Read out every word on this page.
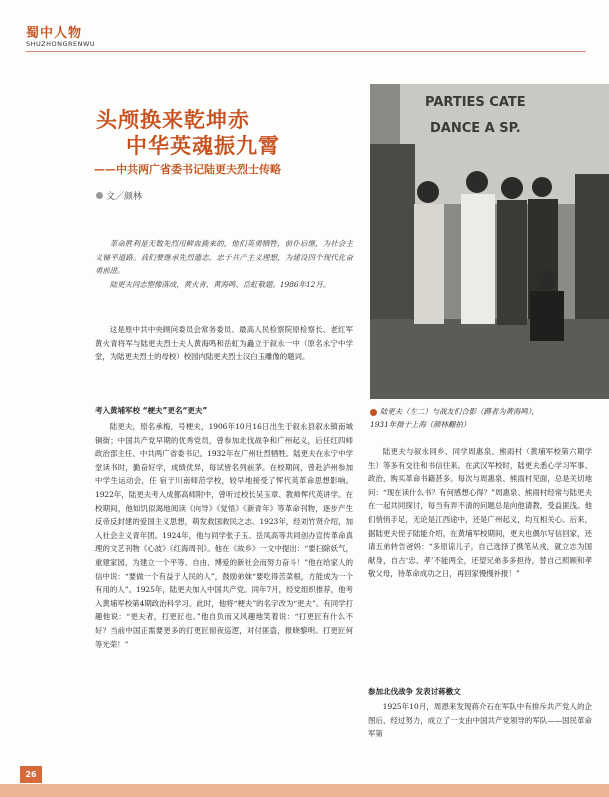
蜀中人物
SHUZHONGRENWU
头颅换来乾坤赤
中华英魂振九霄
——中共两广省委书记陆更夫烈士传略
文／颜林

革命胜利是无数先烈用鲜血换来的，他们英勇牺牲，前仆后继，为社会主义铺平道路。我们要继承先烈遗志，忠于共产主义理想，为建设四个现代化奋勇前进。

陆更夫同志塑像落成，黄火青、黄海鸣、岳虹敬题。1986年12月。

这是原中共中央顾问委员会常务委员、最高人民检察院原检察长、老红军黄火青将军与陆更夫烈士夫人黄海鸣和岳虹为矗立于叙永一中（原名永宁中学堂，为陆更夫烈士的母校）校园内陆更夫烈士汉白玉雕像的题词。

考入黄埔军校 “梗夫”更名“更夫”

陆更夫，原名承梅，号梗夫，1906年10月16日出生于叙永县叙永镇南城铜街；中国共产党早期的优秀党员，曾参加北伐战争和广州起义，后任红四师政治部主任、中共两广省委书记。1932年在广州壮烈牺牲。陆更夫在永宁中学堂读书时，勤奋好学，成绩优异，每试皆名列前茅。在校期间，曾赴泸州参加中学生运动会，任 宿于川南师范学校，较早地接受了恽代英革命思想影响。1922年，陆更夫考入成都高师附中，曾听过校长吴玉章、教师恽代英讲学。在校期间，他如饥似渴地阅读《向导》《觉悟》《新青年》等革命刊物，逐步产生反帝反封建的爱国主义思想，萌发救国救民之志。1923年，经刘竹贤介绍，加入社会主义青年团。1924年，他与同学张子玉、岳凤高等共同创办宣传革命真理的文艺刊物《心波》《红海周刊》。他在《故乡》一文中提出：“要扫除妖气，重建家园，为建立一个平等、自由、博爱的新社会而努力奋斗！”他在给家人的信中说：“要做一个有益于人民的人”，鼓励弟妹“要吃得苦菜根，方能成为一个有用的人”。1925年，陆更夫加入中国共产党。同年7月，经党组织推荐，他考入黄埔军校第4期政治科学习。此时，他将“梗夫”的名字改为“更夫”。有同学打趣他说：“更夫者，打更匠也。”他自负而又风趣地笑着说：“打更匠有什么不好？当前中国正需要更多的打更匠彻夜巡逻，对付匪盗，报晓黎明。打更匠何等光荣！”

PARTIES CATE
DANCE A SP.
陆更夫（左二）与战友们合影（蹲者为黄海鸣），
1931年摄于上海（颜林翻拍）

陆更夫与叙永同乡、同学周惠泉、熊雨村（黄埔军校第六期学生）等多有交往和书信往来。在武汉军校时，陆更夫悉心学习军事、政治，购买革命书籍甚多。每次与周惠泉、熊雨村见面，总是关切地问：“现在读什么书？有何感想心得？”周惠泉、熊雨村经常与陆更夫在一起共同探讨，每当有弄不清的问题总是向他请教，受益匪浅。他们悄悄手足，无论是江西途中，还是广州起义，均互相关心。后来，据陆更夫侄子陆能介绍，在黄埔军校期间，更夫也偶尔写信回家，还请五弟转告爸妈：“多原谅儿子，自己选择了携笔从戎，就立志为国献身，自古‘忠、孝’不能两全，还望兄弟多多担待，替自己照顾和孝敬父母，待革命成功之日，再回家慢慢补报！”

参加北伐战争 发表讨蒋檄文

1925年10月，周恩来发现蒋介石在军队中有排斥共产党人的企图后，经过努力，成立了一支由中国共产党领导的军队——国民革命军第

26
